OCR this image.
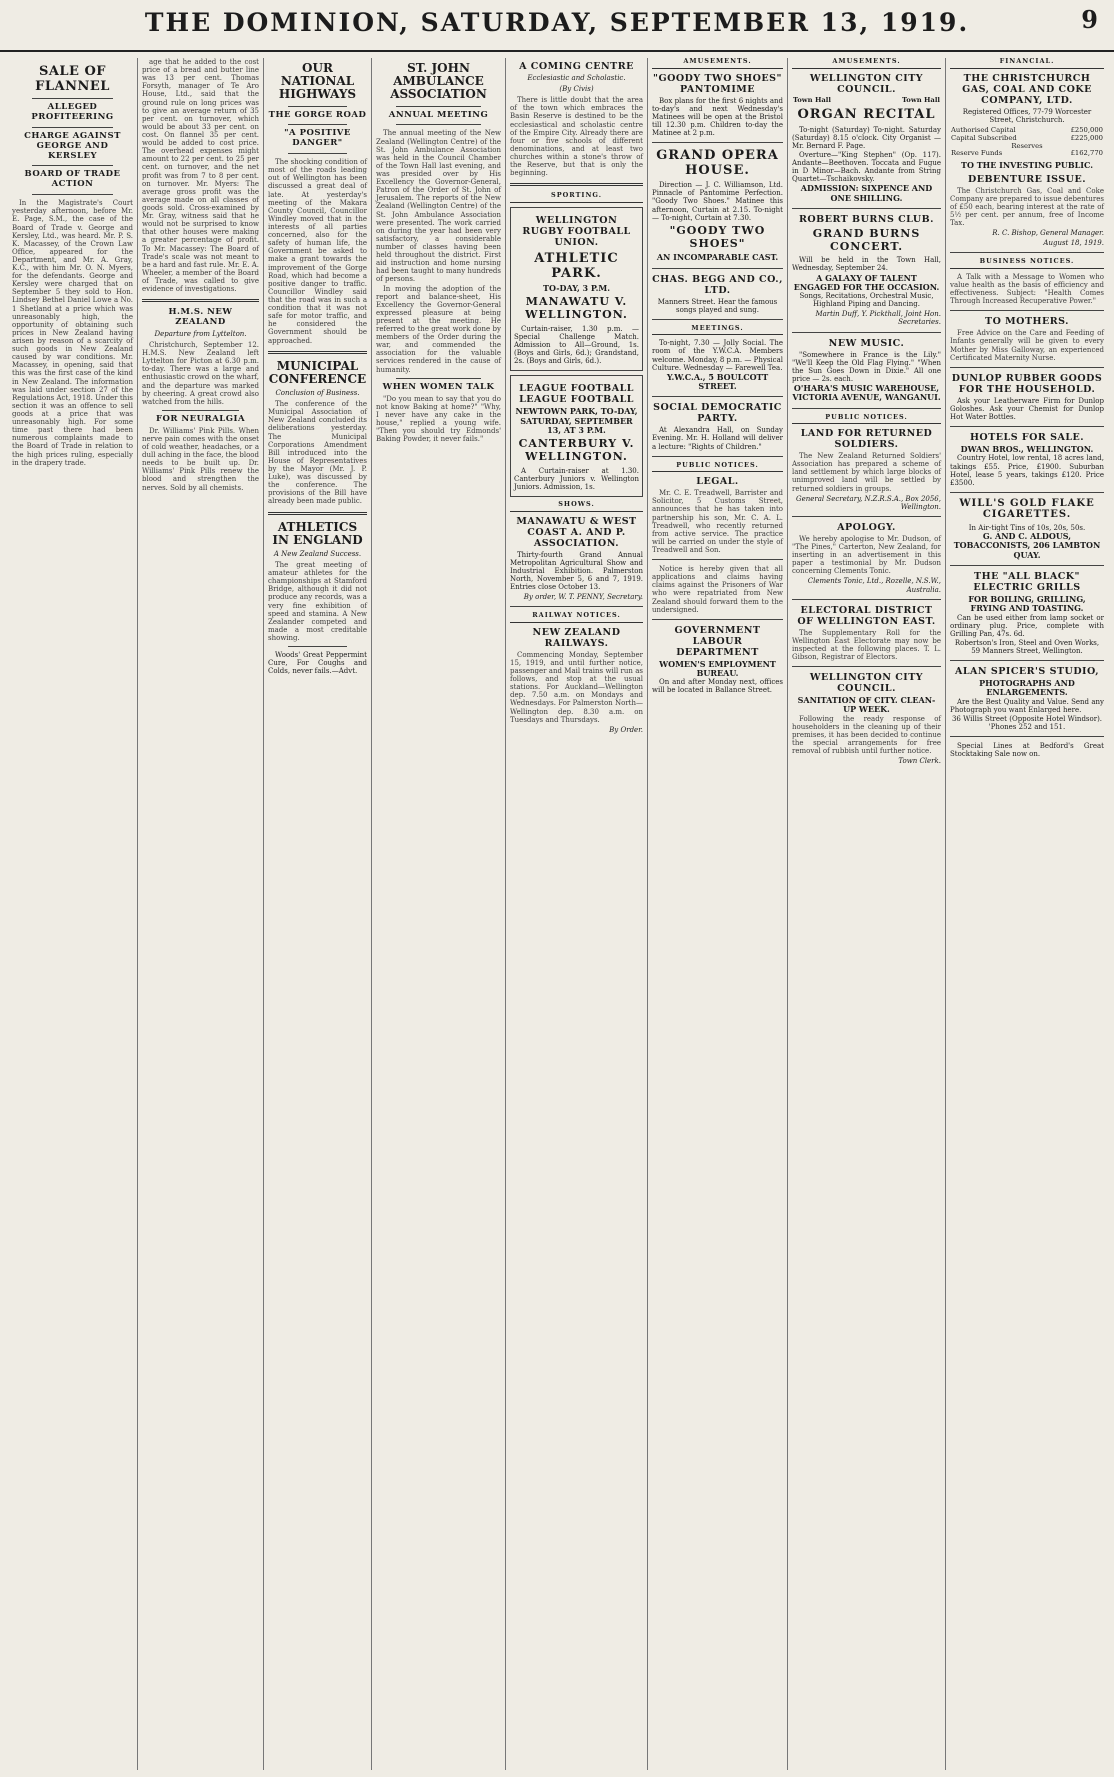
THE DOMINION, SATURDAY, SEPTEMBER 13, 1919.	9
SALE OF FLANNEL
ALLEGED PROFITEERING
CHARGE AGAINST GEORGE AND KERSLEY
BOARD OF TRADE ACTION

In the Magistrate's Court yesterday afternoon, before Mr. E. Page, S.M., the case of the Board of Trade v. George and Kersley, Ltd., was heard. Mr. P. S. K. Macassey, of the Crown Law Office, appeared for the Department, and Mr. A. Gray, K.C., with him Mr. O. N. Myers, for the defendants. George and Kersley were charged that on September 5 they sold to Hon. Lindsey Bethel Daniel Lowe a No. 1 Shetland at a price which was unreasonably high, the opportunity of obtaining such prices in New Zealand having arisen by reason of a scarcity of such goods in New Zealand caused by war conditions. Mr. Macassey, in opening, said that this was the first case of the kind in New Zealand. The information was laid under section 27 of the Regulations Act, 1918. Under this section it was an offence to sell goods at a price that was unreasonably high. For some time past there had been numerous complaints made to the Board of Trade in relation to the high prices ruling, especially in the drapery trade.

age that he added to the cost price of a bread and butter line was 13 per cent. Thomas Forsyth, manager of Te Aro House, Ltd., said that the ground rule on long prices was to give an average return of 35 per cent. on turnover, which would be about 33 per cent. on cost. On flannel 35 per cent. would be added to cost price. The overhead expenses might amount to 22 per cent. to 25 per cent. on turnover, and the net profit was from 7 to 8 per cent. on turnover. Mr. Myers: The average gross profit was the average made on all classes of goods sold. Cross-examined by Mr. Gray, witness said that he would not be surprised to know that other houses were making a greater percentage of profit. To Mr. Macassey: The Board of Trade's scale was not meant to be a hard and fast rule. Mr. E. A. Wheeler, a member of the Board of Trade, was called to give evidence of investigations.

H.M.S. NEW ZEALAND
Departure from Lyttelton.

Christchurch, September 12. H.M.S. New Zealand left Lyttelton for Picton at 6.30 p.m. to-day. There was a large and enthusiastic crowd on the wharf, and the departure was marked by cheering. A great crowd also watched from the hills.

FOR NEURALGIA

Dr. Williams' Pink Pills. When nerve pain comes with the onset of cold weather, headaches, or a dull aching in the face, the blood needs to be built up. Dr. Williams' Pink Pills renew the blood and strengthen the nerves. Sold by all chemists.

OUR NATIONAL HIGHWAYS
THE GORGE ROAD
"A POSITIVE DANGER"

The shocking condition of most of the roads leading out of Wellington has been discussed a great deal of late. At yesterday's meeting of the Makara County Council, Councillor Windley moved that in the interests of all parties concerned, also for the safety of human life, the Government be asked to make a grant towards the improvement of the Gorge Road, which had become a positive danger to traffic. Councillor Windley said that the road was in such a condition that it was not safe for motor traffic, and he considered the Government should be approached.

MUNICIPAL CONFERENCE
Conclusion of Business.

The conference of the Municipal Association of New Zealand concluded its deliberations yesterday. The Municipal Corporations Amendment Bill introduced into the House of Representatives by the Mayor (Mr. J. P. Luke), was discussed by the conference. The provisions of the Bill have already been made public.

ATHLETICS IN ENGLAND
A New Zealand Success.

The great meeting of amateur athletes for the championships at Stamford Bridge, although it did not produce any records, was a very fine exhibition of speed and stamina. A New Zealander competed and made a most creditable showing.

Woods' Great Peppermint Cure, For Coughs and Colds, never fails.—Advt.

ST. JOHN AMBULANCE ASSOCIATION
ANNUAL MEETING

The annual meeting of the New Zealand (Wellington Centre) of the St. John Ambulance Association was held in the Council Chamber of the Town Hall last evening, and was presided over by His Excellency the Governor-General, Patron of the Order of St. John of Jerusalem. The reports of the New Zealand (Wellington Centre) of the St. John Ambulance Association were presented. The work carried on during the year had been very satisfactory, a considerable number of classes having been held throughout the district. First aid instruction and home nursing had been taught to many hundreds of persons.

In moving the adoption of the report and balance-sheet, His Excellency the Governor-General expressed pleasure at being present at the meeting. He referred to the great work done by members of the Order during the war, and commended the association for the valuable services rendered in the cause of humanity.

WHEN WOMEN TALK

"Do you mean to say that you do not know Baking at home?" "Why, I never have any cake in the house," replied a young wife. "Then you should try Edmonds' Baking Powder, it never fails."

A COMING CENTRE
Ecclesiastic and Scholastic.
(By Civis)

There is little doubt that the area of the town which embraces the Basin Reserve is destined to be the ecclesiastical and scholastic centre of the Empire City. Already there are four or five schools of different denominations, and at least two churches within a stone's throw of the Reserve, but that is only the beginning.

SPORTING.
WELLINGTON RUGBY FOOTBALL UNION.
ATHLETIC PARK.
TO-DAY, 3 P.M.
MANAWATU V. WELLINGTON.

Curtain-raiser, 1.30 p.m. — Special Challenge Match. Admission to All—Ground, 1s. (Boys and Girls, 6d.); Grandstand, 2s. (Boys and Girls, 6d.).

LEAGUE FOOTBALL LEAGUE FOOTBALL
NEWTOWN PARK, TO-DAY, SATURDAY, SEPTEMBER 13, AT 3 P.M.
CANTERBURY V. WELLINGTON.

A Curtain-raiser at 1.30. Canterbury Juniors v. Wellington Juniors. Admission, 1s.

SHOWS.
MANAWATU & WEST COAST A. AND P. ASSOCIATION.

Thirty-fourth Grand Annual Metropolitan Agricultural Show and Industrial Exhibition. Palmerston North, November 5, 6 and 7, 1919. Entries close October 13.

By order, W. T. PENNY, Secretary.
RAILWAY NOTICES.
NEW ZEALAND RAILWAYS.

Commencing Monday, September 15, 1919, and until further notice, passenger and Mail trains will run as follows, and stop at the usual stations. For Auckland—Wellington dep. 7.50 a.m. on Mondays and Wednesdays. For Palmerston North—Wellington dep. 8.30 a.m. on Tuesdays and Thursdays.

By Order.
AMUSEMENTS.
"GOODY TWO SHOES" PANTOMIME

Box plans for the first 6 nights and to-day's and next Wednesday's Matinees will be open at the Bristol till 12.30 p.m. Children to-day the Matinee at 2 p.m.

GRAND OPERA HOUSE.

Direction — J. C. Williamson, Ltd. Pinnacle of Pantomime Perfection. "Goody Two Shoes." Matinee this afternoon, Curtain at 2.15. To-night — To-night, Curtain at 7.30.

"GOODY TWO SHOES"
AN INCOMPARABLE CAST.
CHAS. BEGG AND CO., LTD.
Manners Street. Hear the famous songs played and sung.
MEETINGS.

To-night, 7.30 — Jolly Social. The room of the Y.W.C.A. Members welcome. Monday, 8 p.m. — Physical Culture. Wednesday — Farewell Tea.

Y.W.C.A., 5 BOULCOTT STREET.
SOCIAL DEMOCRATIC PARTY.

At Alexandra Hall, on Sunday Evening. Mr. H. Holland will deliver a lecture: "Rights of Children."

PUBLIC NOTICES.
LEGAL.

Mr. C. E. Treadwell, Barrister and Solicitor, 5 Customs Street, announces that he has taken into partnership his son, Mr. C. A. L. Treadwell, who recently returned from active service. The practice will be carried on under the style of Treadwell and Son.

Notice is hereby given that all applications and claims having claims against the Prisoners of War who were repatriated from New Zealand should forward them to the undersigned.

GOVERNMENT LABOUR DEPARTMENT
WOMEN'S EMPLOYMENT BUREAU.

On and after Monday next, offices will be located in Ballance Street.

AMUSEMENTS.
WELLINGTON CITY COUNCIL.
Town Hall	Town Hall
ORGAN RECITAL

To-night (Saturday) To-night. Saturday (Saturday) 8.15 o'clock. City Organist — Mr. Bernard F. Page.

Overture—"King Stephen" (Op. 117). Andante—Beethoven. Toccata and Fugue in D Minor—Bach. Andante from String Quartet—Tschaikovsky.

ADMISSION: SIXPENCE AND ONE SHILLING.
ROBERT BURNS CLUB.
GRAND BURNS CONCERT.

Will be held in the Town Hall, Wednesday, September 24.

A GALAXY OF TALENT ENGAGED FOR THE OCCASION.
Songs, Recitations, Orchestral Music, Highland Piping and Dancing.
Martin Duff, Y. Pickthall, Joint Hon. Secretaries.
NEW MUSIC.

"Somewhere in France is the Lily." "We'll Keep the Old Flag Flying." "When the Sun Goes Down in Dixie." All one price — 2s. each.

O'HARA'S MUSIC WAREHOUSE, VICTORIA AVENUE, WANGANUI.
PUBLIC NOTICES.
LAND FOR RETURNED SOLDIERS.

The New Zealand Returned Soldiers' Association has prepared a scheme of land settlement by which large blocks of unimproved land will be settled by returned soldiers in groups.

General Secretary, N.Z.R.S.A., Box 2056, Wellington.
APOLOGY.

We hereby apologise to Mr. Dudson, of "The Pines," Carterton, New Zealand, for inserting in an advertisement in this paper a testimonial by Mr. Dudson concerning Clements Tonic.

Clements Tonic, Ltd., Rozelle, N.S.W., Australia.
ELECTORAL DISTRICT OF WELLINGTON EAST.

The Supplementary Roll for the Wellington East Electorate may now be inspected at the following places. T. L. Gibson, Registrar of Electors.

WELLINGTON CITY COUNCIL.
SANITATION OF CITY. CLEAN-UP WEEK.

Following the ready response of householders in the cleaning up of their premises, it has been decided to continue the special arrangements for free removal of rubbish until further notice.

Town Clerk.
FINANCIAL.
THE CHRISTCHURCH GAS, COAL AND COKE COMPANY, LTD.
Registered Offices, 77-79 Worcester Street, Christchurch.
Authorised Capital	£250,000
Capital Subscribed	£225,000
Reserves	
Reserve Funds	£162,770
TO THE INVESTING PUBLIC.
DEBENTURE ISSUE.

The Christchurch Gas, Coal and Coke Company are prepared to issue debentures of £50 each, bearing interest at the rate of 5½ per cent. per annum, free of Income Tax.

R. C. Bishop, General Manager.
August 18, 1919.
BUSINESS NOTICES.

A Talk with a Message to Women who value health as the basis of efficiency and effectiveness. Subject: "Health Comes Through Increased Recuperative Power."

TO MOTHERS.

Free Advice on the Care and Feeding of Infants generally will be given to every Mother by Miss Galloway, an experienced Certificated Maternity Nurse.

DUNLOP RUBBER GOODS FOR THE HOUSEHOLD.

Ask your Leatherware Firm for Dunlop Goloshes. Ask your Chemist for Dunlop Hot Water Bottles.

HOTELS FOR SALE.
DWAN BROS., WELLINGTON.

Country Hotel, low rental, 18 acres land, takings £55. Price, £1900. Suburban Hotel, lease 5 years, takings £120. Price £3500.

WILL'S GOLD FLAKE CIGARETTES.
In Air-tight Tins of 10s, 20s, 50s.
G. AND C. ALDOUS, TOBACCONISTS, 206 LAMBTON QUAY.
THE "ALL BLACK" ELECTRIC GRILLS
FOR BOILING, GRILLING, FRYING AND TOASTING.

Can be used either from lamp socket or ordinary plug. Price, complete with Grilling Pan, 47s. 6d.

Robertson's Iron, Steel and Oven Works, 59 Manners Street, Wellington.
ALAN SPICER'S STUDIO,
PHOTOGRAPHS AND ENLARGEMENTS.

Are the Best Quality and Value. Send any Photograph you want Enlarged here.

36 Willis Street (Opposite Hotel Windsor). 'Phones 252 and 151.

Special Lines at Bedford's Great Stocktaking Sale now on.
